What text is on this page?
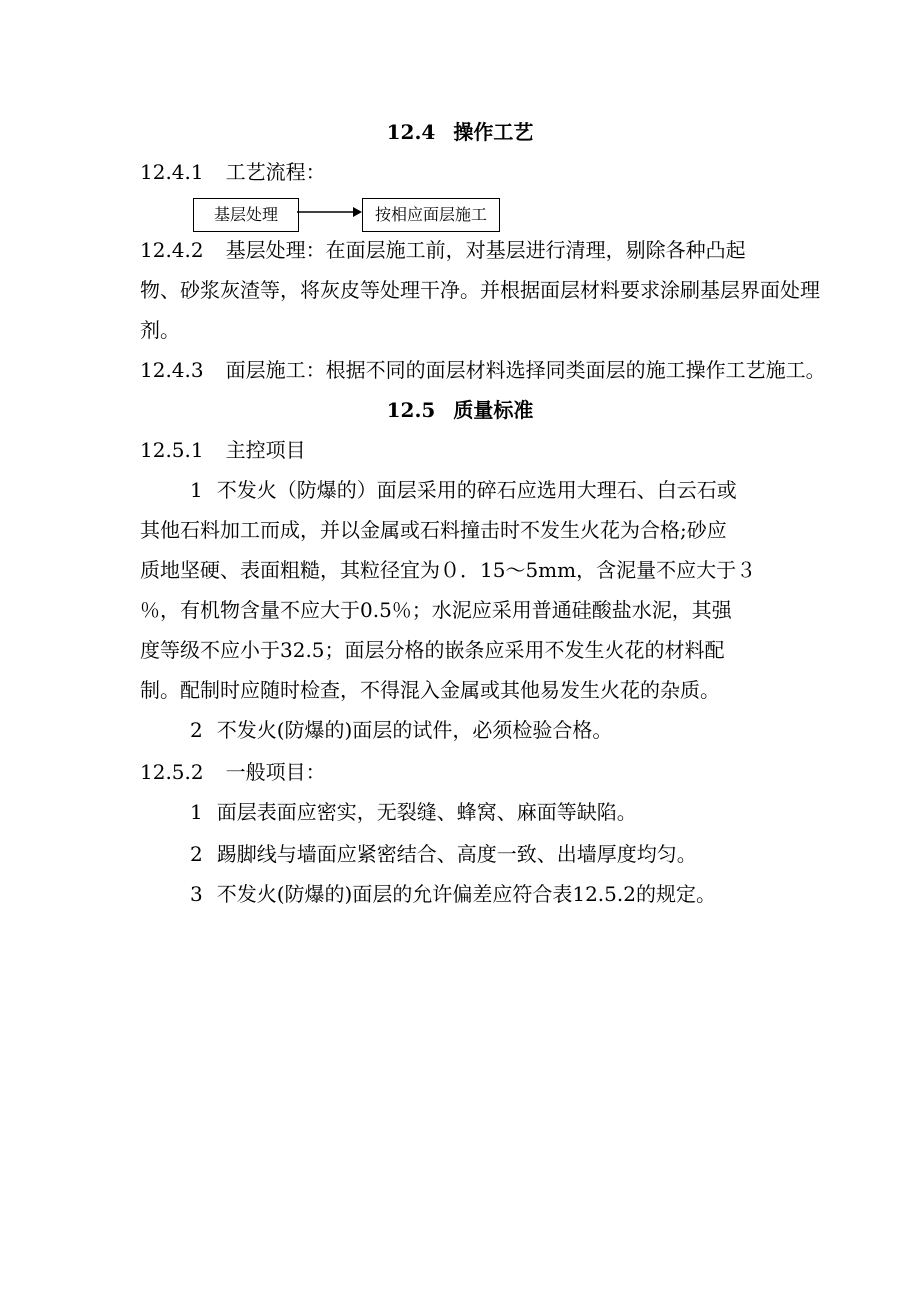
12.4 操作工艺
12.4.1 工艺流程：
基层处理	按相应面层施工
12.4.2 基层处理：在面层施工前，对基层进行清理，剔除各种凸起
物、砂浆灰渣等，将灰皮等处理干净。并根据面层材料要求涂刷基层界面处理
剂。
12.4.3 面层施工：根据不同的面层材料选择同类面层的施工操作工艺施工。
12.5 质量标准
12.5.1 主控项目
1 不发火（防爆的）面层采用的碎石应选用大理石、白云石或
其他石料加工而成，并以金属或石料撞击时不发生火花为合格;砂应
质地坚硬、表面粗糙，其粒径宜为０．15～5mm，含泥量不应大于３
％，有机物含量不应大于0.5％；水泥应采用普通硅酸盐水泥，其强
度等级不应小于32.5；面层分格的嵌条应采用不发生火花的材料配
制。配制时应随时检查，不得混入金属或其他易发生火花的杂质。
2 不发火(防爆的)面层的试件，必须检验合格。
12.5.2 一般项目：
1 面层表面应密实，无裂缝、蜂窝、麻面等缺陷。
2 踢脚线与墙面应紧密结合、高度一致、出墙厚度均匀。
3 不发火(防爆的)面层的允许偏差应符合表12.5.2的规定。
